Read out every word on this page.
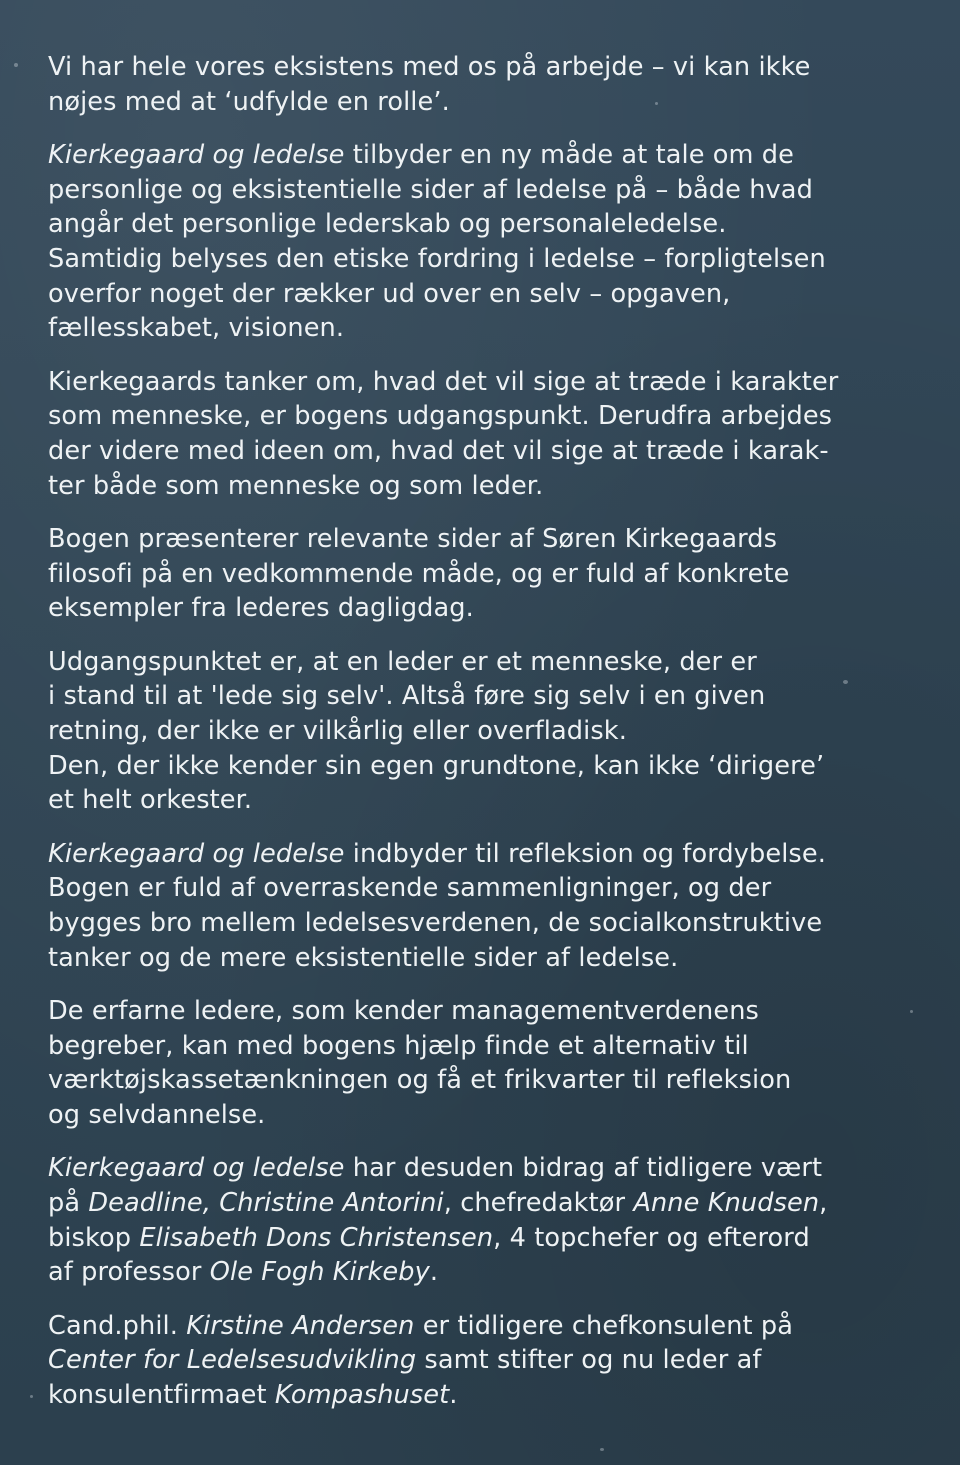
Vi har hele vores eksistens med os på arbejde – vi kan ikke
nøjes med at ‘udfylde en rolle’.

Kierkegaard og ledelse tilbyder en ny måde at tale om de
personlige og eksistentielle sider af ledelse på – både hvad
angår det personlige lederskab og personaleledelse.
Samtidig belyses den etiske fordring i ledelse – forpligtelsen
overfor noget der rækker ud over en selv – opgaven,
fællesskabet, visionen.

Kierkegaards tanker om, hvad det vil sige at træde i karakter
som menneske, er bogens udgangspunkt. Derudfra arbejdes
der videre med ideen om, hvad det vil sige at træde i karak-
ter både som menneske og som leder.

Bogen præsenterer relevante sider af Søren Kirkegaards
filosofi på en vedkommende måde, og er fuld af konkrete
eksempler fra lederes dagligdag.

Udgangspunktet er, at en leder er et menneske, der er
i stand til at 'lede sig selv'. Altså føre sig selv i en given
retning, der ikke er vilkårlig eller overfladisk.
Den, der ikke kender sin egen grundtone, kan ikke ‘dirigere’
et helt orkester.

Kierkegaard og ledelse indbyder til refleksion og fordybelse.
Bogen er fuld af overraskende sammenligninger, og der
bygges bro mellem ledelsesverdenen, de socialkonstruktive
tanker og de mere eksistentielle sider af ledelse.

De erfarne ledere, som kender managementverdenens
begreber, kan med bogens hjælp finde et alternativ til
værktøjskassetænkningen og få et frikvarter til refleksion
og selvdannelse.

Kierkegaard og ledelse har desuden bidrag af tidligere vært
på Deadline, Christine Antorini, chefredaktør Anne Knudsen,
biskop Elisabeth Dons Christensen, 4 topchefer og efterord
af professor Ole Fogh Kirkeby.

Cand.phil. Kirstine Andersen er tidligere chefkonsulent på
Center for Ledelsesudvikling samt stifter og nu leder af
konsulentfirmaet Kompashuset.
